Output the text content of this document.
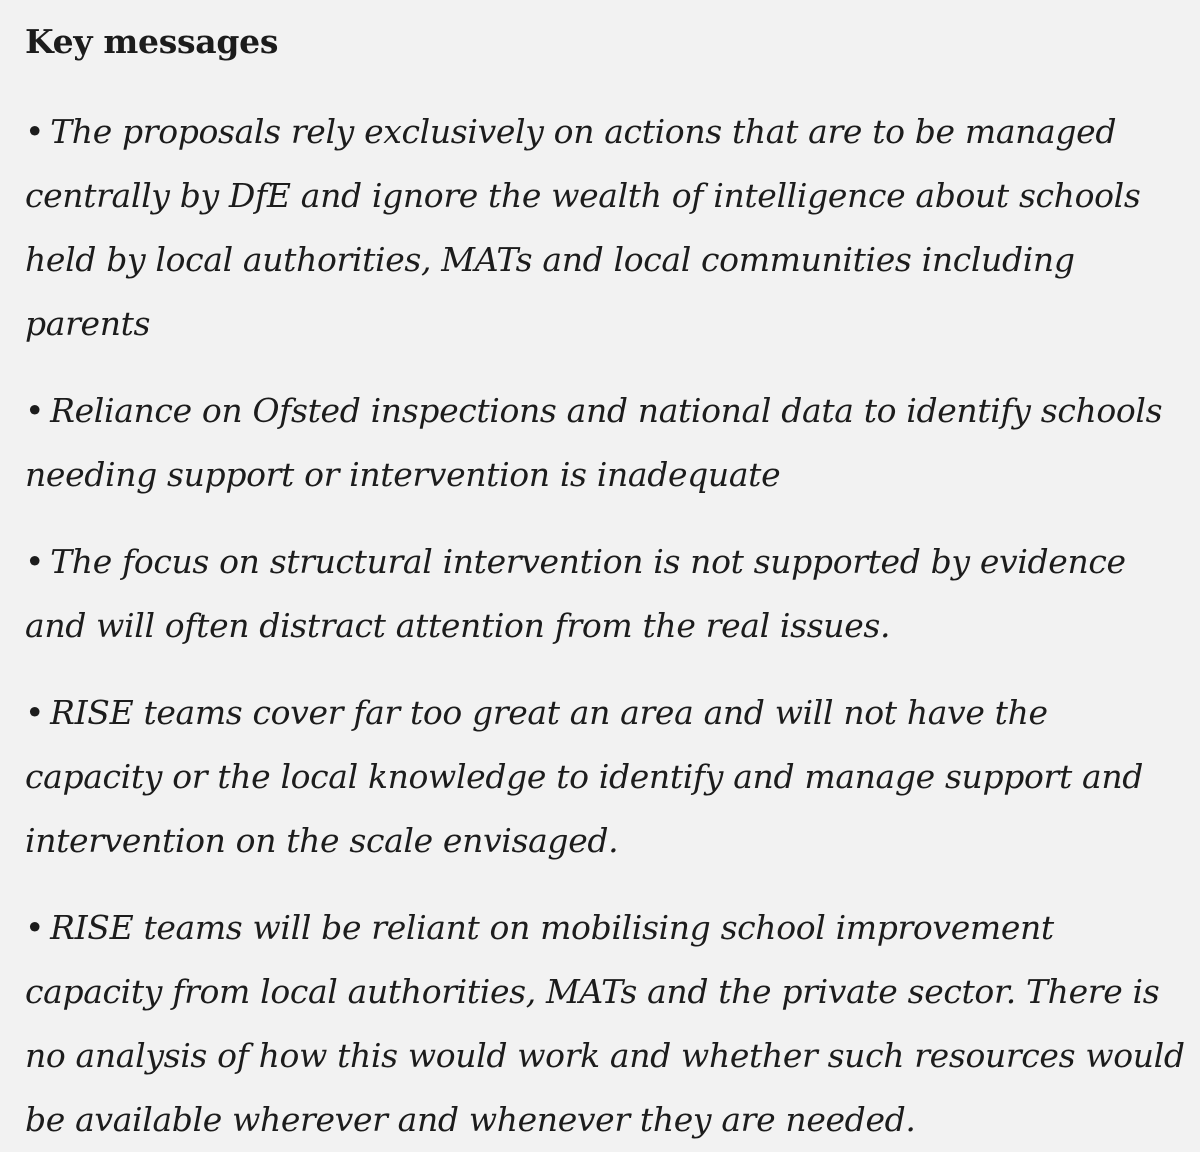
Key messages
• The proposals rely exclusively on actions that are to be managed centrally by DfE and ignore the wealth of intelligence about schools held by local authorities, MATs and local communities including parents
• Reliance on Ofsted inspections and national data to identify schools needing support or intervention is inadequate
• The focus on structural intervention is not supported by evidence and will often distract attention from the real issues.
• RISE teams cover far too great an area and will not have the capacity or the local knowledge to identify and manage support and intervention on the scale envisaged.
• RISE teams will be reliant on mobilising school improvement capacity from local authorities, MATs and the private sector. There is no analysis of how this would work and whether such resources would be available wherever and whenever they are needed.
